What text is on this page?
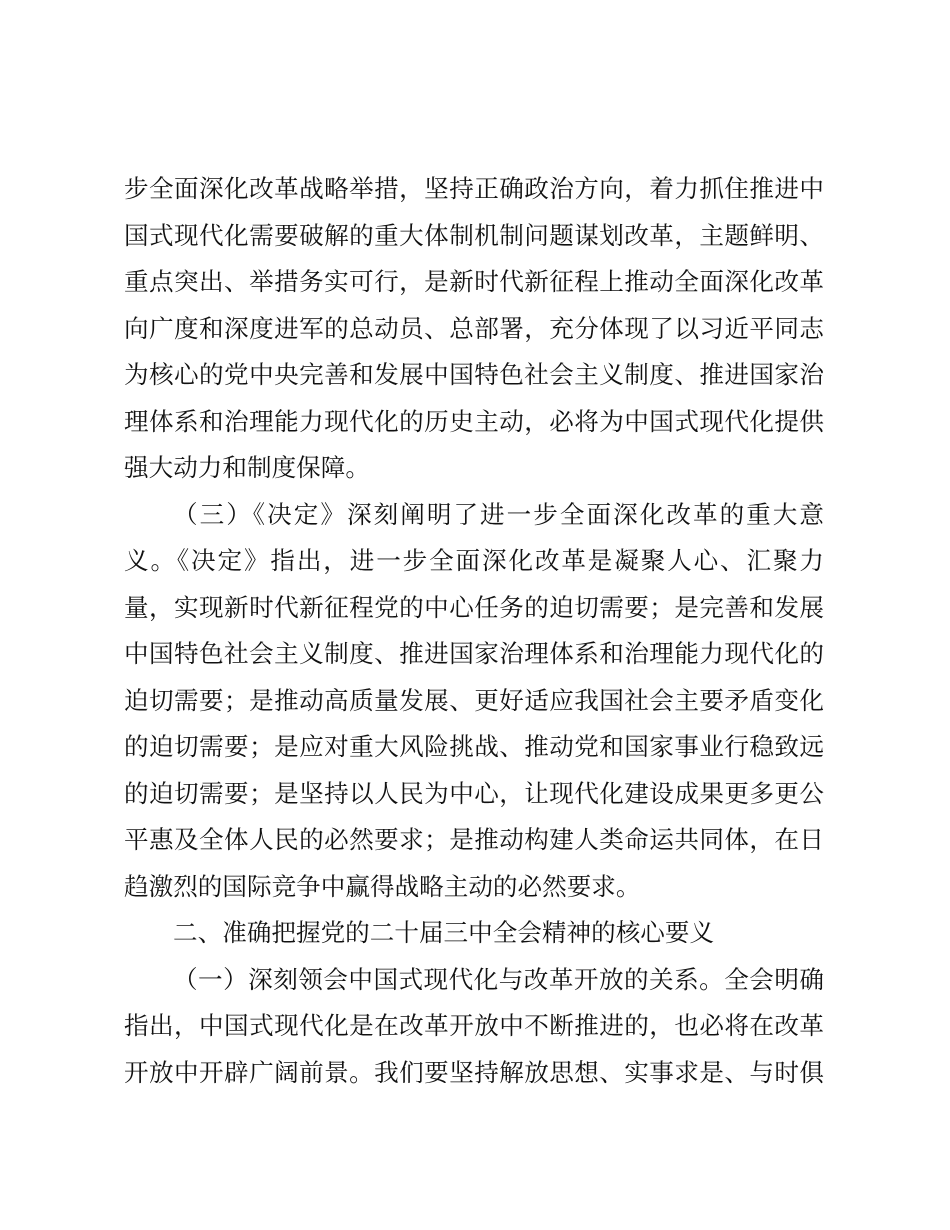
步全面深化改革战略举措，坚持正确政治方向，着力抓住推进中
国式现代化需要破解的重大体制机制问题谋划改革，主题鲜明、
重点突出、举措务实可行，是新时代新征程上推动全面深化改革
向广度和深度进军的总动员、总部署，充分体现了以习近平同志
为核心的党中央完善和发展中国特色社会主义制度、推进国家治
理体系和治理能力现代化的历史主动，必将为中国式现代化提供
强大动力和制度保障。
（三）《决定》深刻阐明了进一步全面深化改革的重大意
义。《决定》指出，进一步全面深化改革是凝聚人心、汇聚力
量，实现新时代新征程党的中心任务的迫切需要；是完善和发展
中国特色社会主义制度、推进国家治理体系和治理能力现代化的
迫切需要；是推动高质量发展、更好适应我国社会主要矛盾变化
的迫切需要；是应对重大风险挑战、推动党和国家事业行稳致远
的迫切需要；是坚持以人民为中心，让现代化建设成果更多更公
平惠及全体人民的必然要求；是推动构建人类命运共同体，在日
趋激烈的国际竞争中赢得战略主动的必然要求。
二、准确把握党的二十届三中全会精神的核心要义
（一）深刻领会中国式现代化与改革开放的关系。全会明确
指出，中国式现代化是在改革开放中不断推进的，也必将在改革
开放中开辟广阔前景。我们要坚持解放思想、实事求是、与时俱
